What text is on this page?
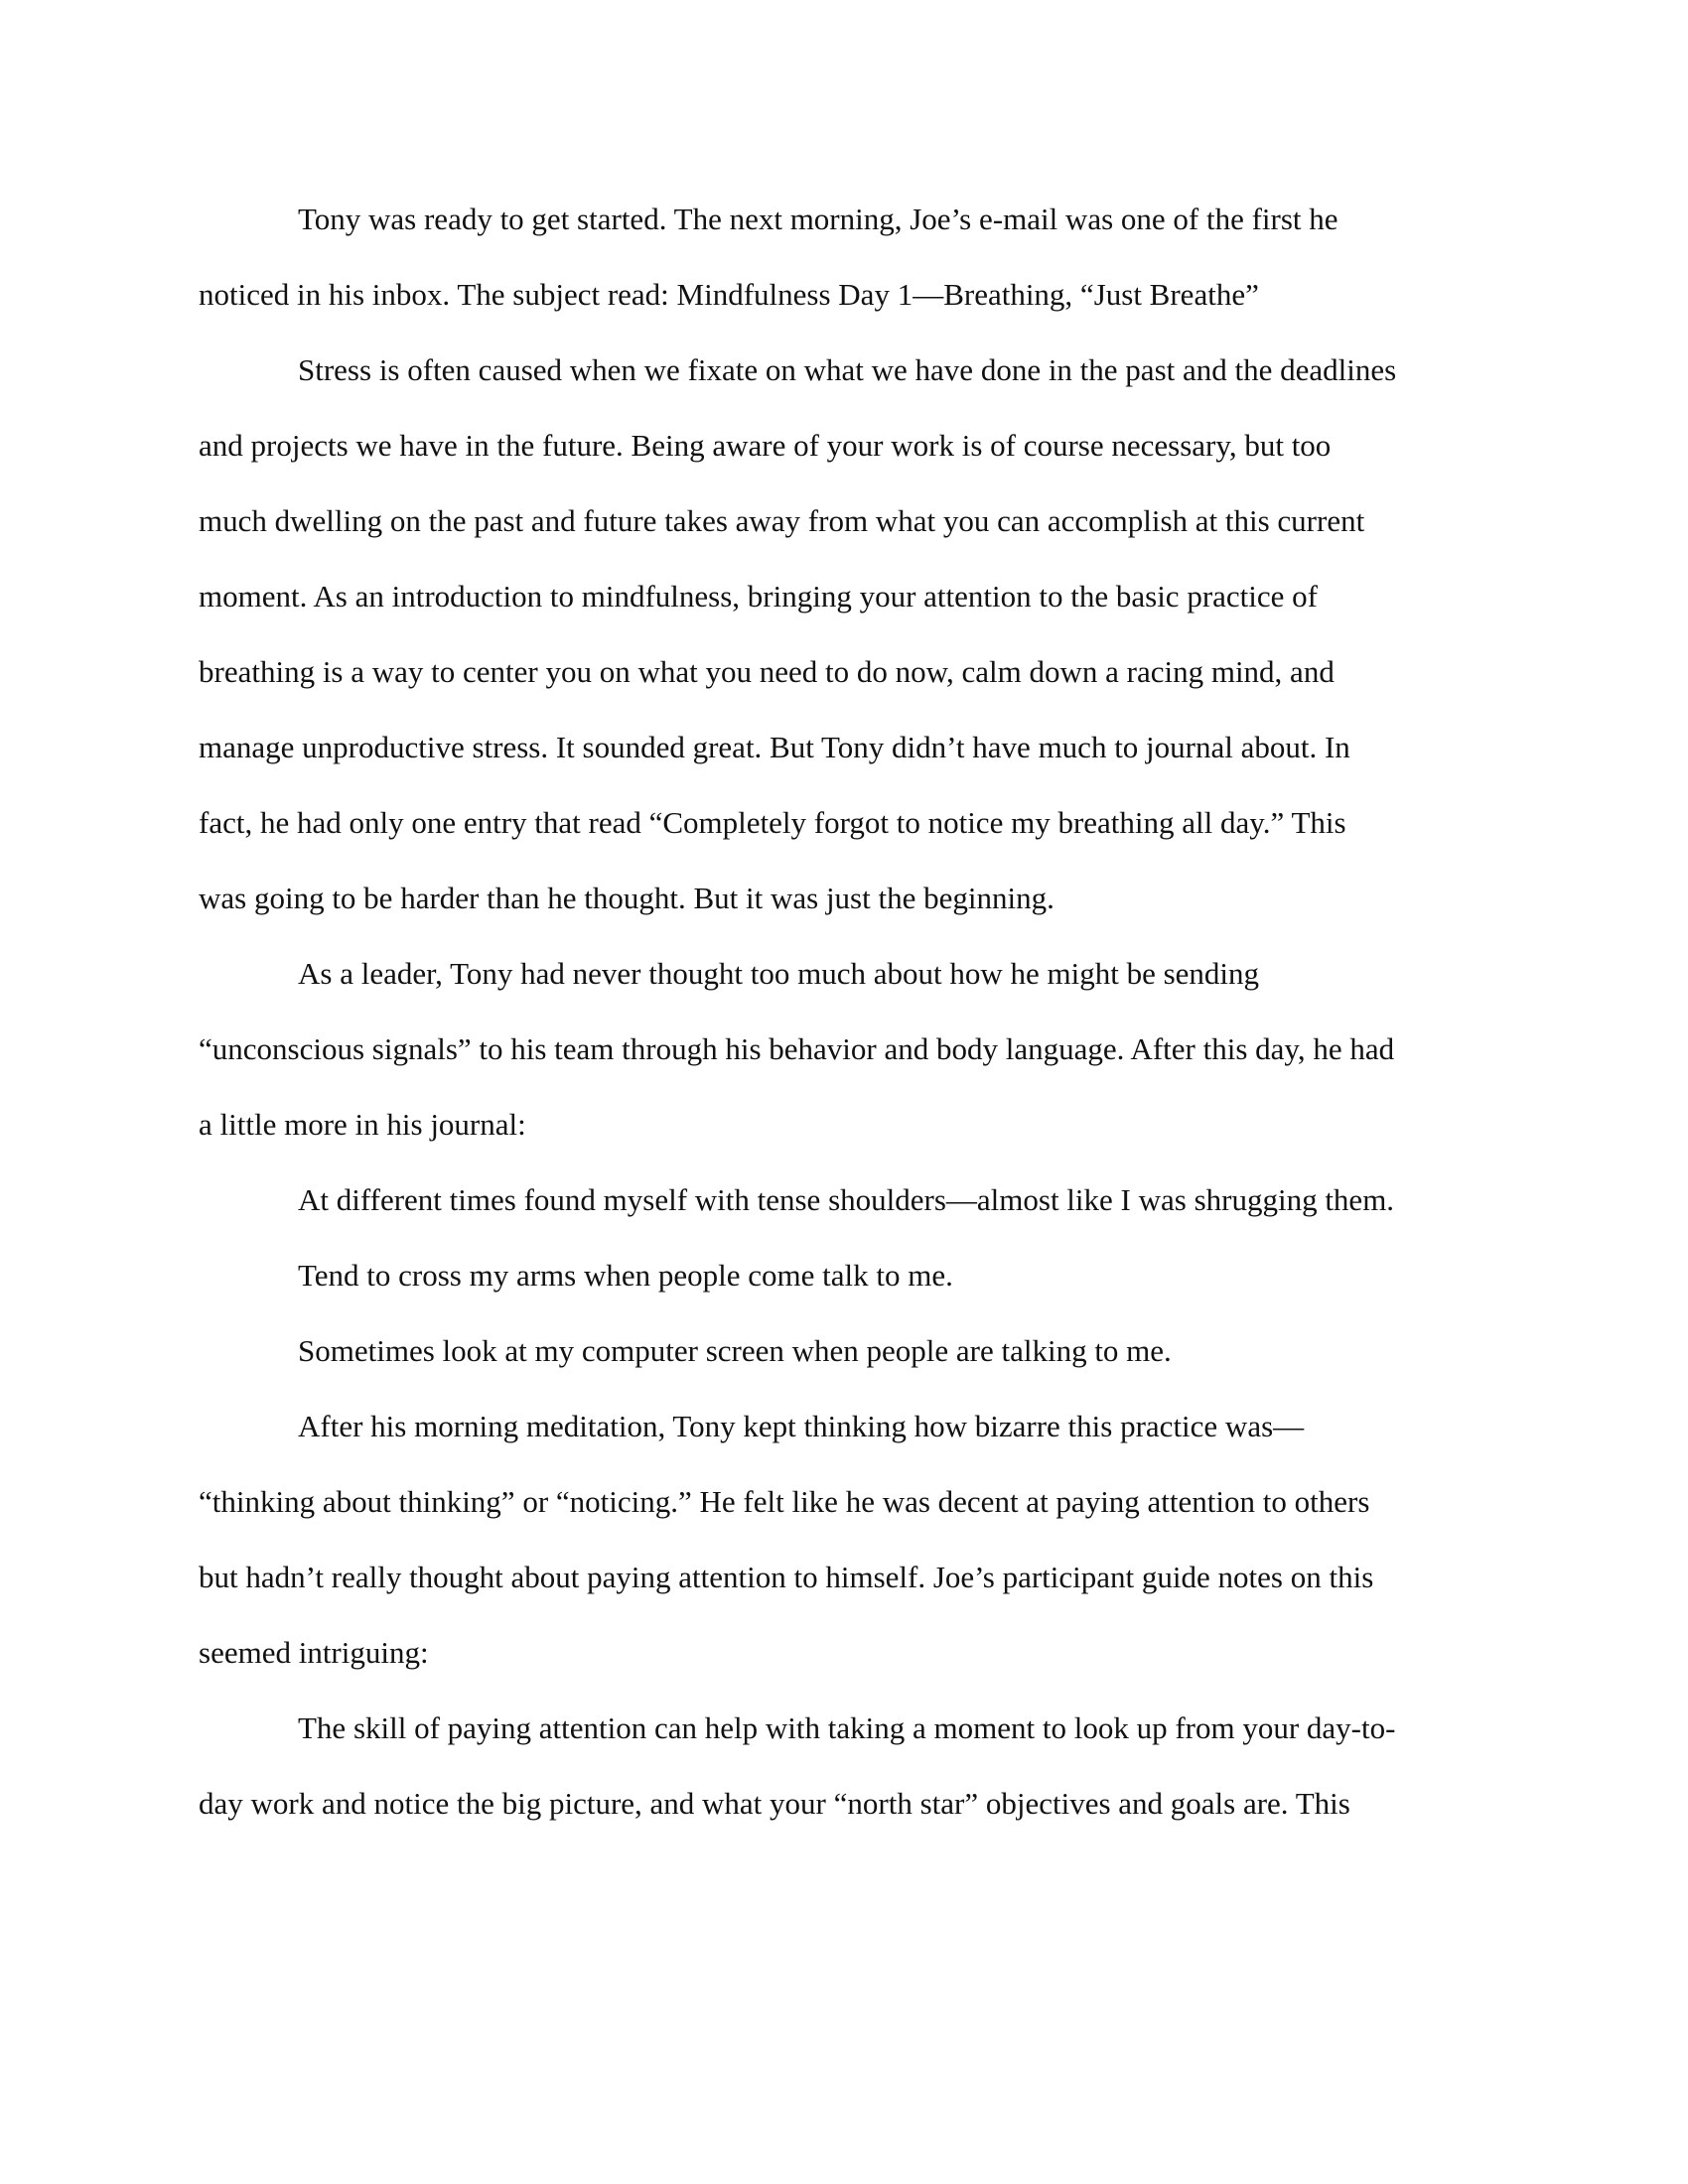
Tony was ready to get started. The next morning, Joe’s e-mail was one of the first he
noticed in his inbox. The subject read: Mindfulness Day 1—Breathing, “Just Breathe”
Stress is often caused when we fixate on what we have done in the past and the deadlines
and projects we have in the future. Being aware of your work is of course necessary, but too
much dwelling on the past and future takes away from what you can accomplish at this current
moment. As an introduction to mindfulness, bringing your attention to the basic practice of
breathing is a way to center you on what you need to do now, calm down a racing mind, and
manage unproductive stress. It sounded great. But Tony didn’t have much to journal about. In
fact, he had only one entry that read “Completely forgot to notice my breathing all day.” This
was going to be harder than he thought. But it was just the beginning.
As a leader, Tony had never thought too much about how he might be sending
“unconscious signals” to his team through his behavior and body language. After this day, he had
a little more in his journal:
At different times found myself with tense shoulders—almost like I was shrugging them.
Tend to cross my arms when people come talk to me.
Sometimes look at my computer screen when people are talking to me.
After his morning meditation, Tony kept thinking how bizarre this practice was—
“thinking about thinking” or “noticing.” He felt like he was decent at paying attention to others
but hadn’t really thought about paying attention to himself. Joe’s participant guide notes on this
seemed intriguing:
The skill of paying attention can help with taking a moment to look up from your day-to-
day work and notice the big picture, and what your “north star” objectives and goals are. This
